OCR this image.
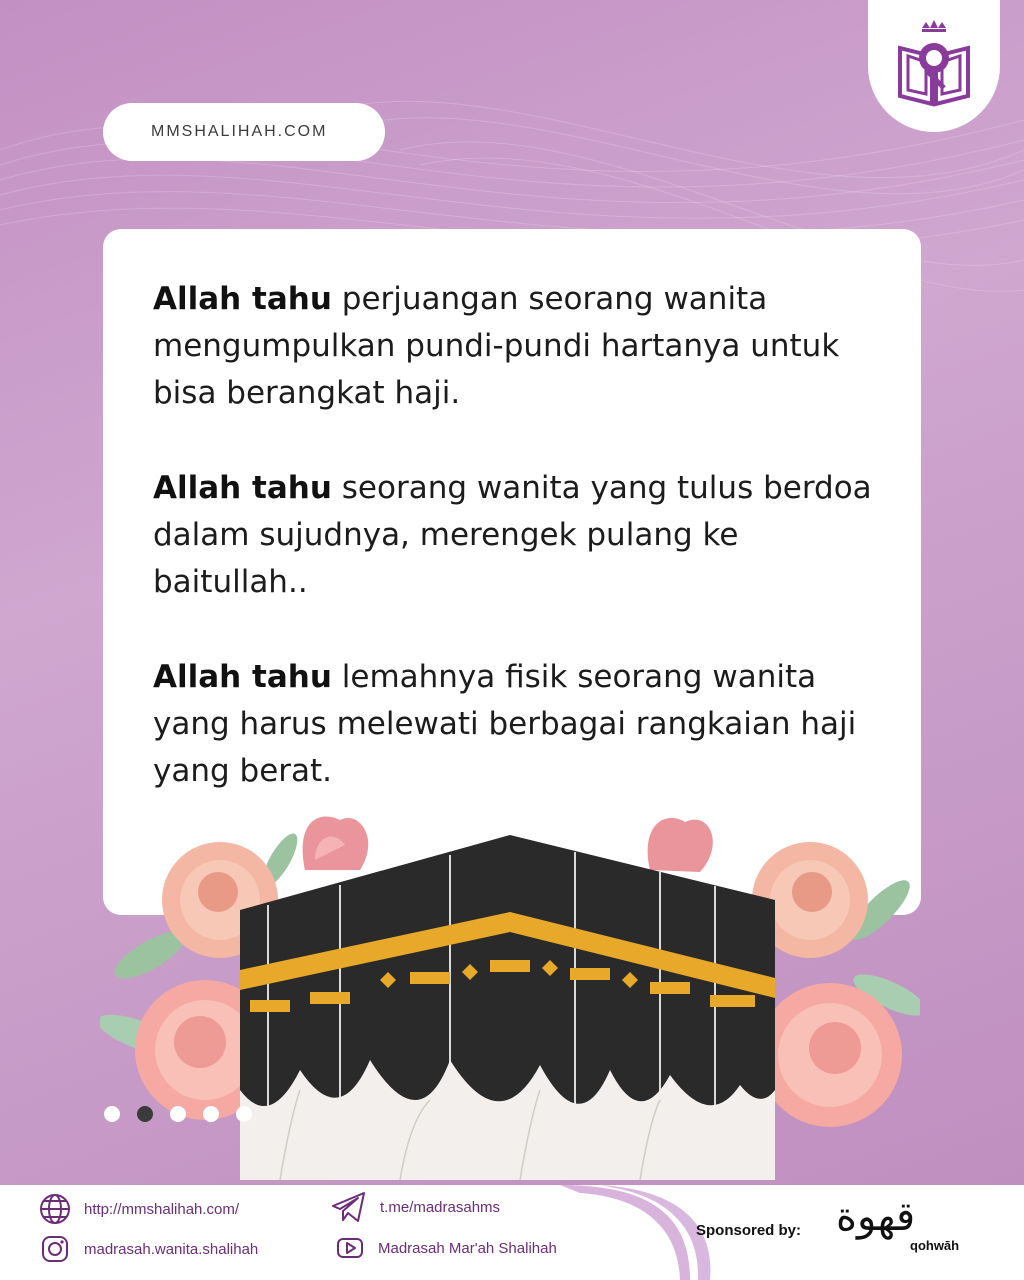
MMSHALIHAH.COM
Allah tahu perjuangan seorang wanita mengumpulkan pundi-pundi hartanya untuk bisa berangkat haji.
Allah tahu seorang wanita yang tulus berdoa dalam sujudnya, merengek pulang ke baitullah..
Allah tahu lemahnya fisik seorang wanita yang harus melewati berbagai rangkaian haji yang berat.
http://mmshalihah.com/
madrasah.wanita.shalihah
t.me/madrasahms
Madrasah Mar'ah Shalihah
Sponsored by: قهوة
qohwāh
